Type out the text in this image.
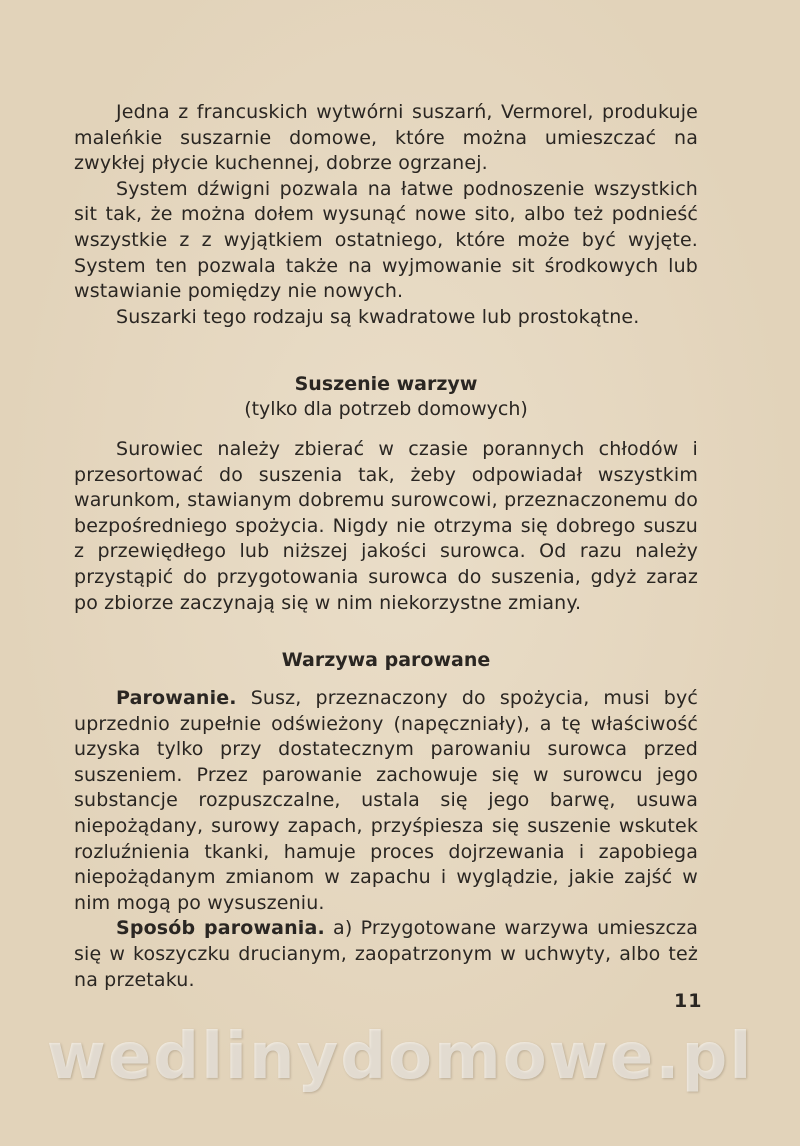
Jedna z francuskich wytwórni suszarń, Vermorel, produkuje maleńkie suszarnie domowe, które można umieszczać na zwykłej płycie kuchennej, dobrze ogrzanej.

System dźwigni pozwala na łatwe podnoszenie wszystkich sit tak, że można dołem wysunąć nowe sito, albo też podnieść wszystkie z z wyjątkiem ostatniego, które może być wyjęte. System ten pozwala także na wyjmowanie sit środkowych lub wstawianie pomiędzy nie nowych.

Suszarki tego rodzaju są kwadratowe lub prostokątne.

Suszenie warzyw
(tylko dla potrzeb domowych)

Surowiec należy zbierać w czasie porannych chłodów i przesortować do suszenia tak, żeby odpowiadał wszystkim warunkom, stawianym dobremu surowcowi, przeznaczonemu do bezpośredniego spożycia. Nigdy nie otrzyma się dobrego suszu z przewiędłego lub niższej jakości surowca. Od razu należy przystąpić do przygotowania surowca do suszenia, gdyż zaraz po zbiorze zaczynają się w nim niekorzystne zmiany.

Warzywa parowane

Parowanie. Susz, przeznaczony do spożycia, musi być uprzednio zupełnie odświeżony (napęczniały), a tę właściwość uzyska tylko przy dostatecznym parowaniu surowca przed suszeniem. Przez parowanie zachowuje się w surowcu jego substancje rozpuszczalne, ustala się jego barwę, usuwa niepożądany, surowy zapach, przyśpiesza się suszenie wskutek rozluźnienia tkanki, hamuje proces dojrzewania i zapobiega niepożądanym zmianom w zapachu i wyglądzie, jakie zajść w nim mogą po wysuszeniu.

Sposób parowania. a) Przygotowane warzywa umieszcza się w koszyczku drucianym, zaopatrzonym w uchwyty, albo też na przetaku.

11
wedlinydomowe.pl
